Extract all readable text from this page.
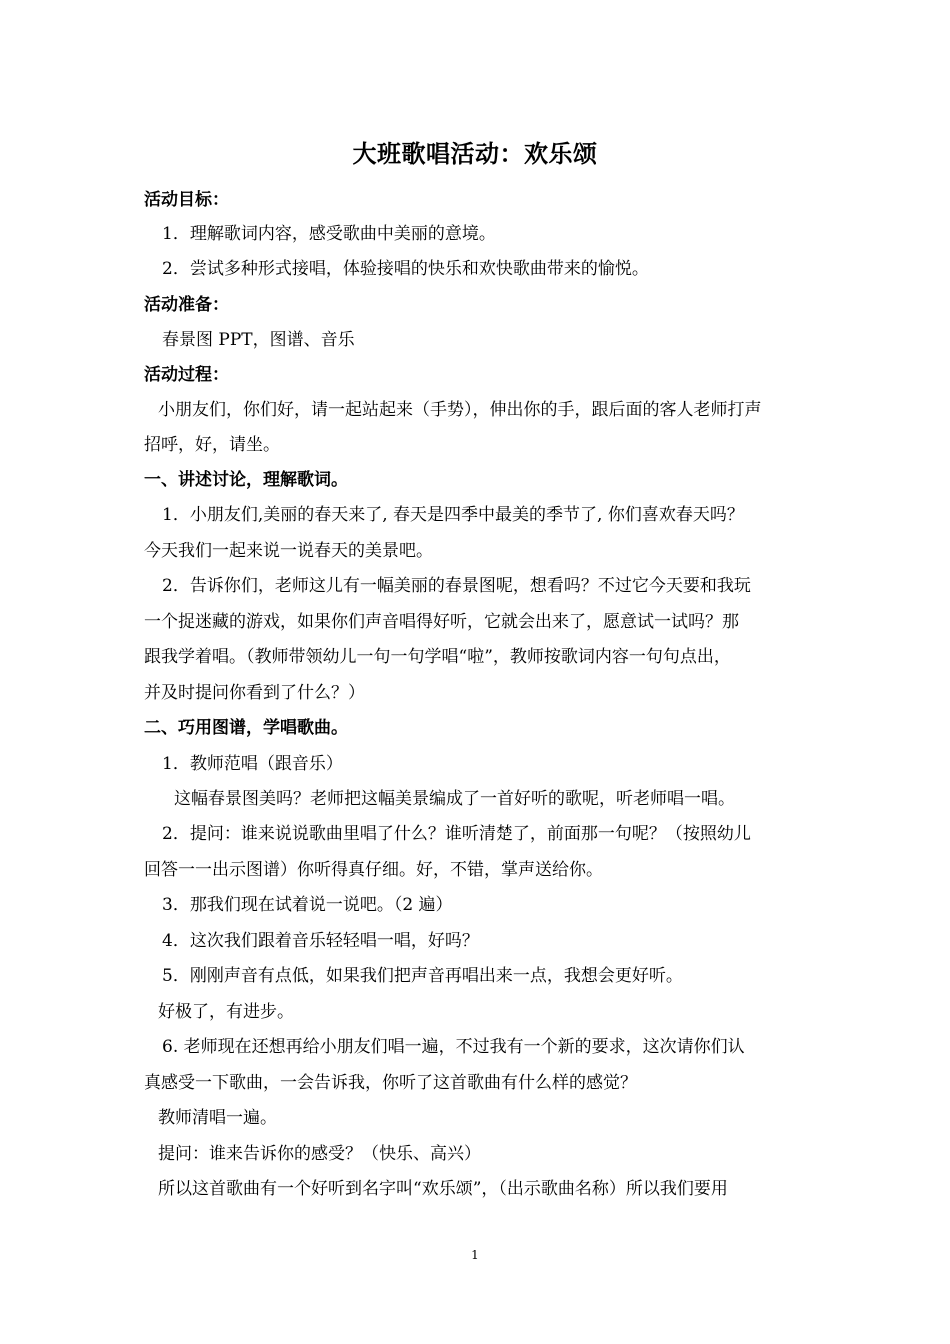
大班歌唱活动：欢乐颂
活动目标：
1．理解歌词内容，感受歌曲中美丽的意境。
2．尝试多种形式接唱，体验接唱的快乐和欢快歌曲带来的愉悦。
活动准备：
春景图 PPT，图谱、音乐
活动过程：
小朋友们，你们好，请一起站起来（手势），伸出你的手，跟后面的客人老师打声
招呼，好，请坐。
一、讲述讨论，理解歌词。
1．小朋友们,美丽的春天来了, 春天是四季中最美的季节了, 你们喜欢春天吗？
今天我们一起来说一说春天的美景吧。
2．告诉你们，老师这儿有一幅美丽的春景图呢，想看吗？不过它今天要和我玩
一个捉迷藏的游戏，如果你们声音唱得好听，它就会出来了，愿意试一试吗？那
跟我学着唱。（教师带领幼儿一句一句学唱“啦”，教师按歌词内容一句句点出，
并及时提问你看到了什么？）
二、巧用图谱，学唱歌曲。
1．教师范唱（跟音乐）
这幅春景图美吗？老师把这幅美景编成了一首好听的歌呢，听老师唱一唱。
2．提问：谁来说说歌曲里唱了什么？谁听清楚了，前面那一句呢？（按照幼儿
回答一一出示图谱）你听得真仔细。好，不错，掌声送给你。
3．那我们现在试着说一说吧。（2 遍）
4．这次我们跟着音乐轻轻唱一唱，好吗？
5．刚刚声音有点低，如果我们把声音再唱出来一点，我想会更好听。
好极了，有进步。
6. 老师现在还想再给小朋友们唱一遍，不过我有一个新的要求，这次请你们认
真感受一下歌曲，一会告诉我，你听了这首歌曲有什么样的感觉？
教师清唱一遍。
提问：谁来告诉你的感受？（快乐、高兴）
所以这首歌曲有一个好听到名字叫“欢乐颂”，（出示歌曲名称）所以我们要用
1
